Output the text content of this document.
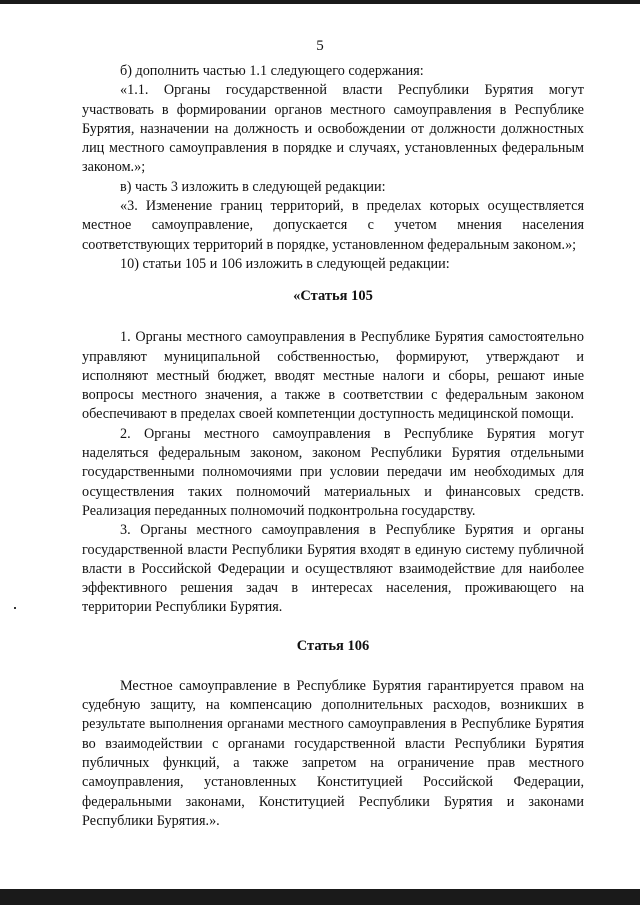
5

б) дополнить частью 1.1 следующего содержания:

«1.1. Органы государственной власти Республики Бурятия могут участвовать в формировании органов местного самоуправления в Республике Бурятия, назначении на должность и освобождении от должности должностных лиц местного самоуправления в порядке и случаях, установленных федеральным законом.»;

в) часть 3 изложить в следующей редакции:

«3. Изменение границ территорий, в пределах которых осуществляется местное самоуправление, допускается с учетом мнения населения соответствующих территорий в порядке, установленном федеральным законом.»;

10) статьи 105 и 106 изложить в следующей редакции:

«Статья 105

1. Органы местного самоуправления в Республике Бурятия самостоятельно управляют муниципальной собственностью, формируют, утверждают и исполняют местный бюджет, вводят местные налоги и сборы, решают иные вопросы местного значения, а также в соответствии с федеральным законом обеспечивают в пределах своей компетенции доступность медицинской помощи.

2. Органы местного самоуправления в Республике Бурятия могут наделяться федеральным законом, законом Республики Бурятия отдельными государственными полномочиями при условии передачи им необходимых для осуществления таких полномочий материальных и финансовых средств. Реализация переданных полномочий подконтрольна государству.

3. Органы местного самоуправления в Республике Бурятия и органы государственной власти Республики Бурятия входят в единую систему публичной власти в Российской Федерации и осуществляют взаимодействие для наиболее эффективного решения задач в интересах населения, проживающего на территории Республики Бурятия.

Статья 106

Местное самоуправление в Республике Бурятия гарантируется правом на судебную защиту, на компенсацию дополнительных расходов, возникших в результате выполнения органами местного самоуправления в Республике Бурятия во взаимодействии с органами государственной власти Республики Бурятия публичных функций, а также запретом на ограничение прав местного самоуправления, установленных Конституцией Российской Федерации, федеральными законами, Конституцией Республики Бурятия и законами Республики Бурятия.».
